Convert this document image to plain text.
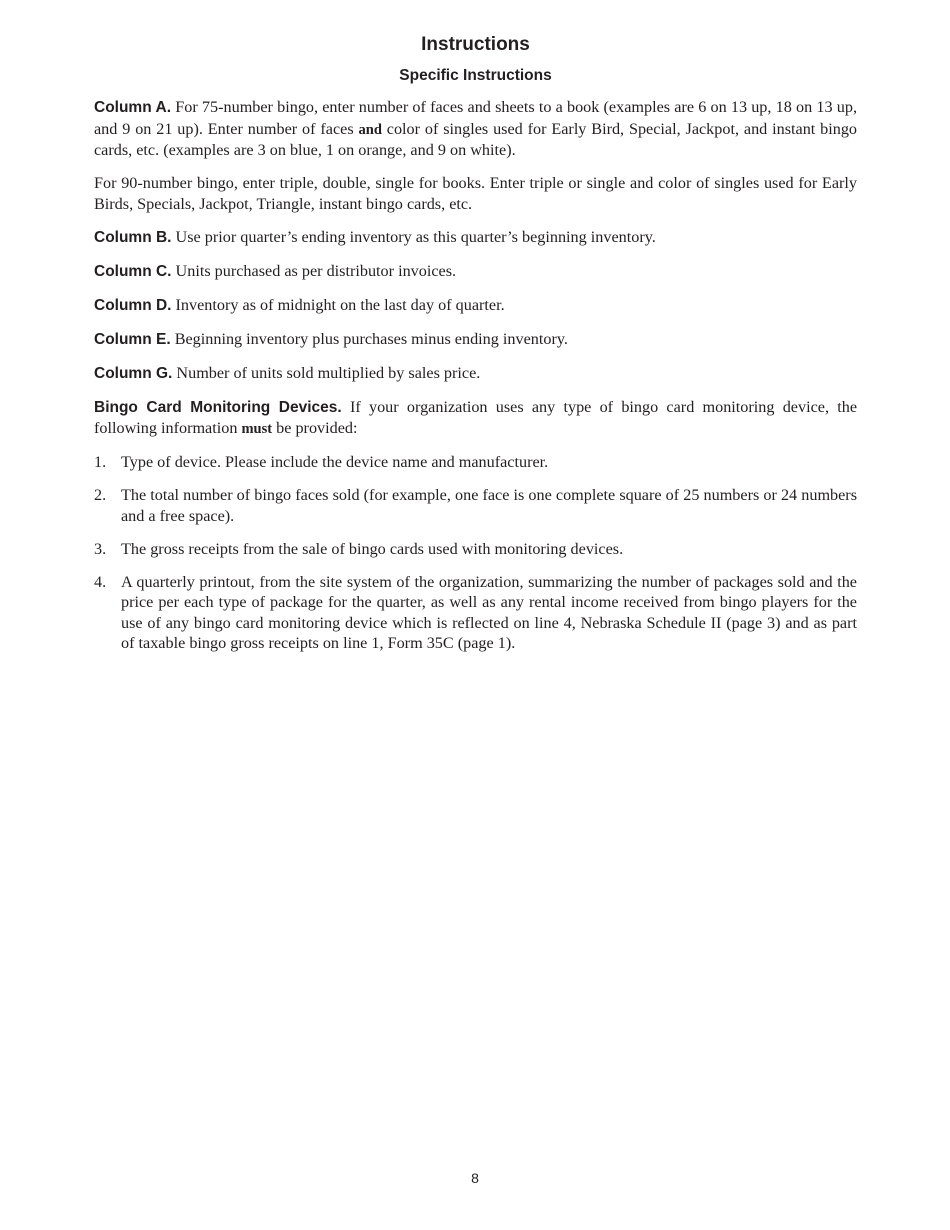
Instructions
Specific Instructions

Column A. For 75-number bingo, enter number of faces and sheets to a book (examples are 6 on 13 up, 18 on 13 up, and 9 on 21 up). Enter number of faces and color of singles used for Early Bird, Special, Jackpot, and instant bingo cards, etc. (examples are 3 on blue, 1 on orange, and 9 on white).

For 90-number bingo, enter triple, double, single for books. Enter triple or single and color of singles used for Early Birds, Specials, Jackpot, Triangle, instant bingo cards, etc.

Column B. Use prior quarter’s ending inventory as this quarter’s beginning inventory.

Column C. Units purchased as per distributor invoices.

Column D. Inventory as of midnight on the last day of quarter.

Column E. Beginning inventory plus purchases minus ending inventory.

Column G. Number of units sold multiplied by sales price.

Bingo Card Monitoring Devices. If your organization uses any type of bingo card monitoring device, the following information must be provided:

1. Type of device. Please include the device name and manufacturer.
2. The total number of bingo faces sold (for example, one face is one complete square of 25 numbers or 24 numbers and a free space).
3. The gross receipts from the sale of bingo cards used with monitoring devices.
4. A quarterly printout, from the site system of the organization, summarizing the number of packages sold and the price per each type of package for the quarter, as well as any rental income received from bingo players for the use of any bingo card monitoring device which is reflected on line 4, Nebraska Schedule II (page 3) and as part of taxable bingo gross receipts on line 1, Form 35C (page 1).
8
